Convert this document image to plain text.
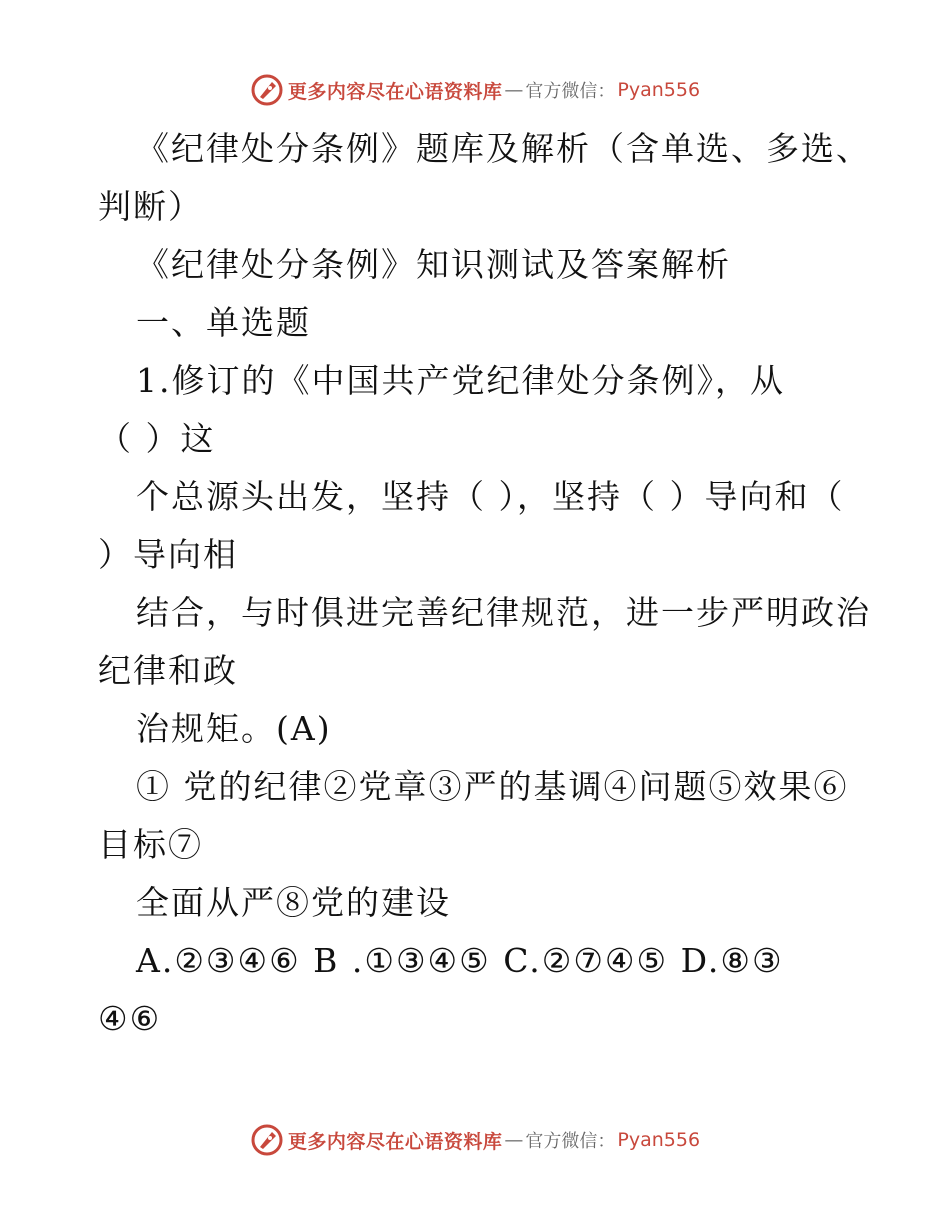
更多内容尽在心语资料库 — 官方微信： Pyan556
《纪律处分条例》题库及解析（含单选、多选、
判断）
《纪律处分条例》知识测试及答案解析
一、单选题
1.修订的《中国共产党纪律处分条例》，从
（ ）这
个总源头出发，坚持（ ），坚持（ ）导向和（
）导向相
结合，与时俱进完善纪律规范，进一步严明政治
纪律和政
治规矩。(A)
① 党的纪律②党章③严的基调④问题⑤效果⑥
目标⑦
全面从严⑧党的建设
A.②③④⑥ B .①③④⑤ C.②⑦④⑤ D.⑧③
④⑥
更多内容尽在心语资料库 — 官方微信： Pyan556
